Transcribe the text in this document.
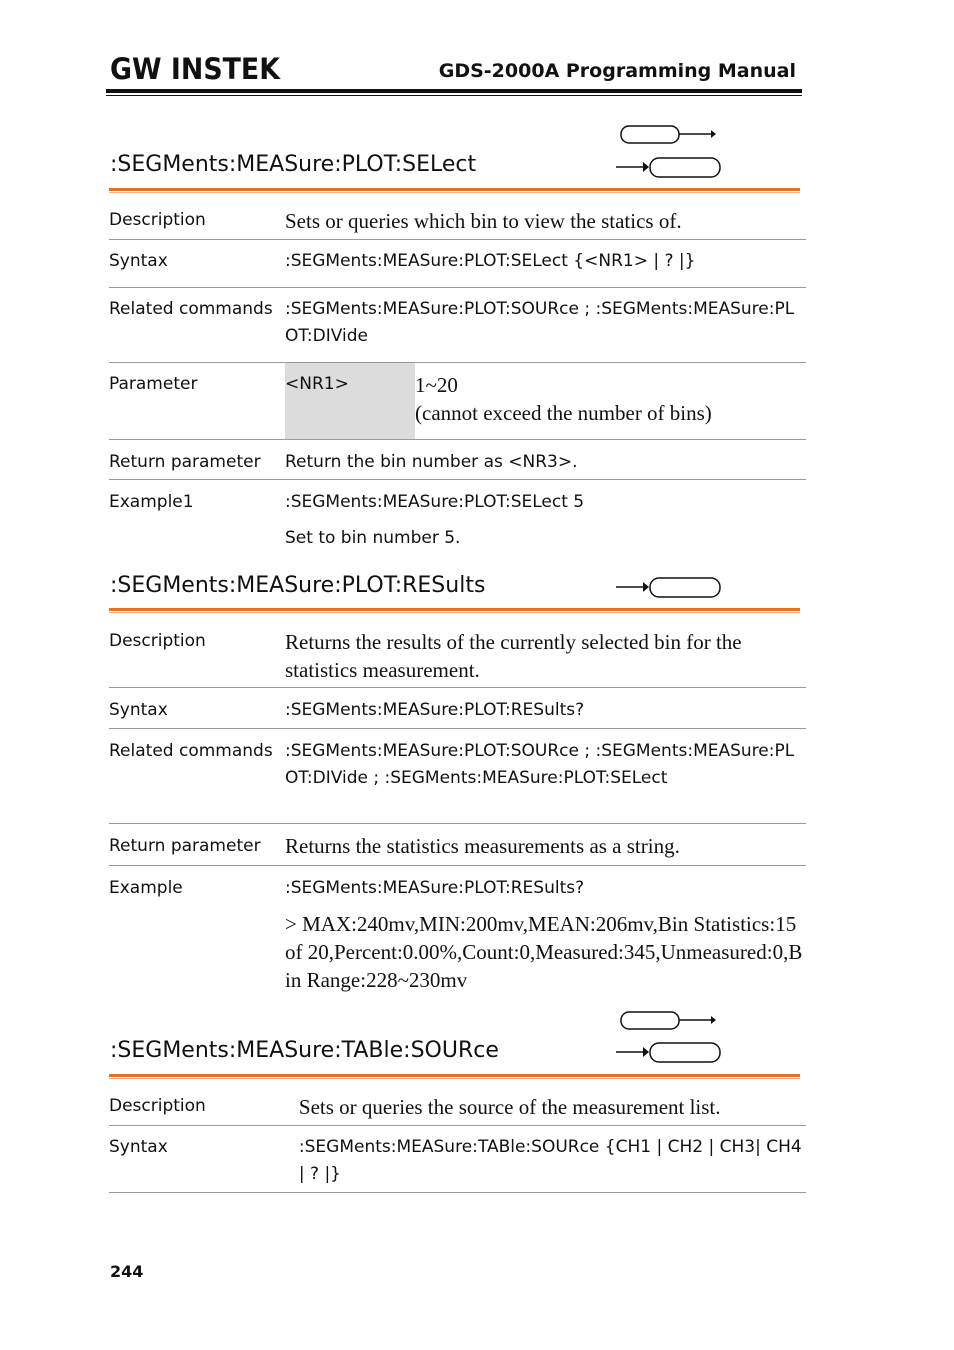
GW INSTEK	GDS-2000A Programming Manual
:SEGMents:MEASure:PLOT:SELect
Description	Sets or queries which bin to view the statics of.	
Syntax	:SEGMents:MEASure:PLOT:SELect {<NR1> | ? |}	
Related commands	:SEGMents:MEASure:PLOT:SOURce ; :SEGMents:MEASure:PLOT:DIVide	
Parameter	<NR1>	1~20
(cannot exceed the number of bins)

Return parameter	Return the bin number as <NR3>.	
Example1	:SEGMents:MEASure:PLOT:SELect 5
Set to bin number 5.	
:SEGMents:MEASure:PLOT:RESults
Description	Returns the results of the currently selected bin for the statistics measurement.
Syntax	:SEGMents:MEASure:PLOT:RESults?
Related commands	:SEGMents:MEASure:PLOT:SOURce ; :SEGMents:MEASure:PLOT:DIVide ; :SEGMents:MEASure:PLOT:SELect
Return parameter	Returns the statistics measurements as a string.
Example	:SEGMents:MEASure:PLOT:RESults?
> MAX:240mv,MIN:200mv,MEAN:206mv,Bin Statistics:15 of 20,Percent:0.00%,Count:0,Measured:345,Unmeasured:0,Bin Range:228~230mv
:SEGMents:MEASure:TABle:SOURce
Description	Sets or queries the source of the measurement list.
Syntax	:SEGMents:MEASure:TABle:SOURce {CH1 | CH2 | CH3| CH4 | ? |}
244
